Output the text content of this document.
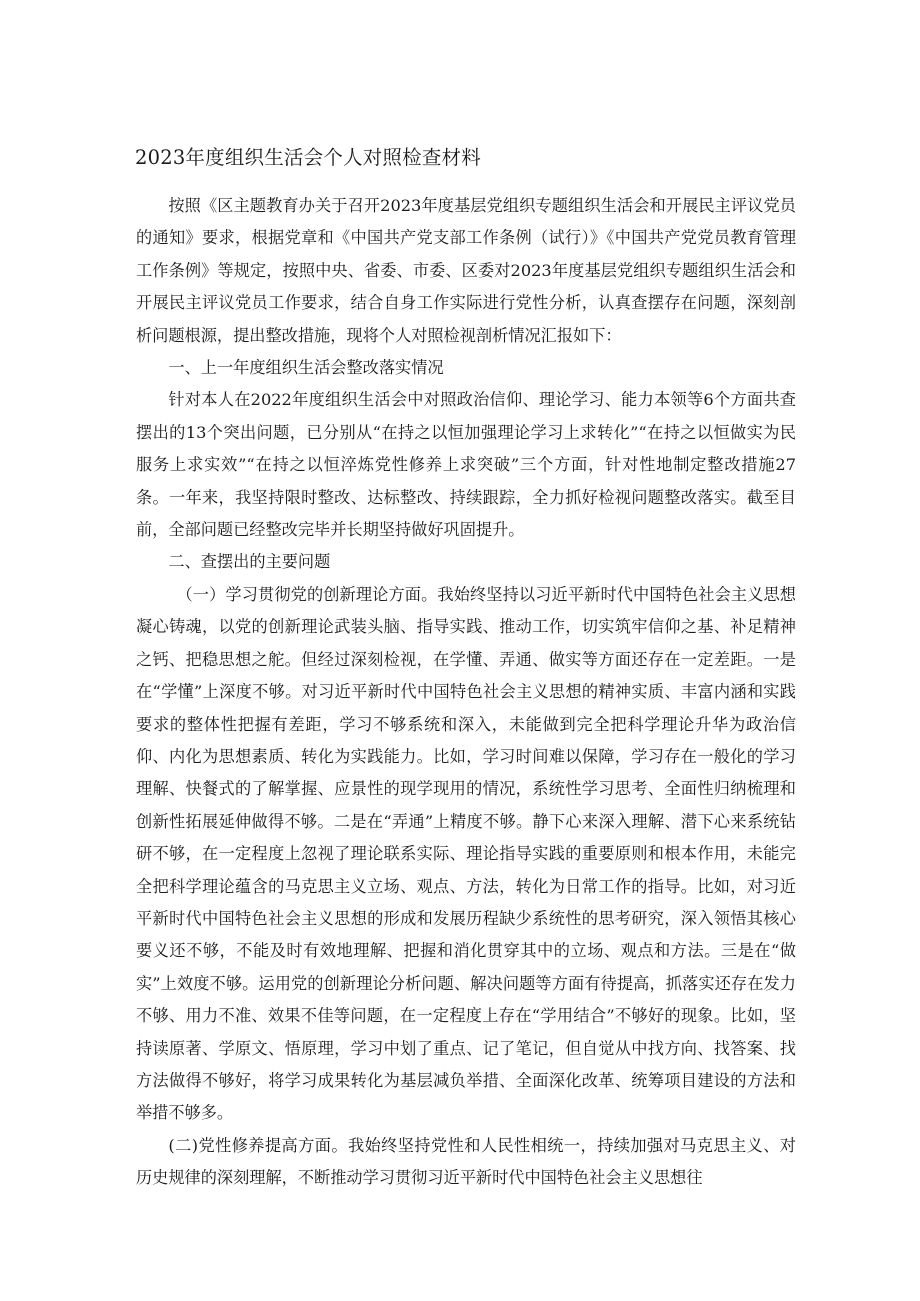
2023年度组织生活会个人对照检查材料

按照《区主题教育办关于召开2023年度基层党组织专题组织生活会和开展民主评议党员的通知》要求，根据党章和《中国共产党支部工作条例（试行）》《中国共产党党员教育管理工作条例》等规定，按照中央、省委、市委、区委对2023年度基层党组织专题组织生活会和开展民主评议党员工作要求，结合自身工作实际进行党性分析，认真查摆存在问题，深刻剖析问题根源，提出整改措施，现将个人对照检视剖析情况汇报如下：

一、上一年度组织生活会整改落实情况

针对本人在2022年度组织生活会中对照政治信仰、理论学习、能力本领等6个方面共查摆出的13个突出问题，已分别从“在持之以恒加强理论学习上求转化”“在持之以恒做实为民服务上求实效”“在持之以恒淬炼党性修养上求突破”三个方面，针对性地制定整改措施27条。一年来，我坚持限时整改、达标整改、持续跟踪，全力抓好检视问题整改落实。截至目前，全部问题已经整改完毕并长期坚持做好巩固提升。

二、查摆出的主要问题

（一）学习贯彻党的创新理论方面。我始终坚持以习近平新时代中国特色社会主义思想凝心铸魂，以党的创新理论武装头脑、指导实践、推动工作，切实筑牢信仰之基、补足精神之钙、把稳思想之舵。但经过深刻检视，在学懂、弄通、做实等方面还存在一定差距。一是在“学懂”上深度不够。对习近平新时代中国特色社会主义思想的精神实质、丰富内涵和实践要求的整体性把握有差距，学习不够系统和深入，未能做到完全把科学理论升华为政治信仰、内化为思想素质、转化为实践能力。比如，学习时间难以保障，学习存在一般化的学习理解、快餐式的了解掌握、应景性的现学现用的情况，系统性学习思考、全面性归纳梳理和创新性拓展延伸做得不够。二是在“弄通”上精度不够。静下心来深入理解、潜下心来系统钻研不够，在一定程度上忽视了理论联系实际、理论指导实践的重要原则和根本作用，未能完全把科学理论蕴含的马克思主义立场、观点、方法，转化为日常工作的指导。比如，对习近平新时代中国特色社会主义思想的形成和发展历程缺少系统性的思考研究，深入领悟其核心要义还不够，不能及时有效地理解、把握和消化贯穿其中的立场、观点和方法。三是在“做实”上效度不够。运用党的创新理论分析问题、解决问题等方面有待提高，抓落实还存在发力不够、用力不准、效果不佳等问题，在一定程度上存在“学用结合”不够好的现象。比如，坚持读原著、学原文、悟原理，学习中划了重点、记了笔记，但自觉从中找方向、找答案、找方法做得不够好，将学习成果转化为基层减负举措、全面深化改革、统筹项目建设的方法和举措不够多。

(二)党性修养提高方面。我始终坚持党性和人民性相统一，持续加强对马克思主义、对历史规律的深刻理解，不断推动学习贯彻习近平新时代中国特色社会主义思想往
